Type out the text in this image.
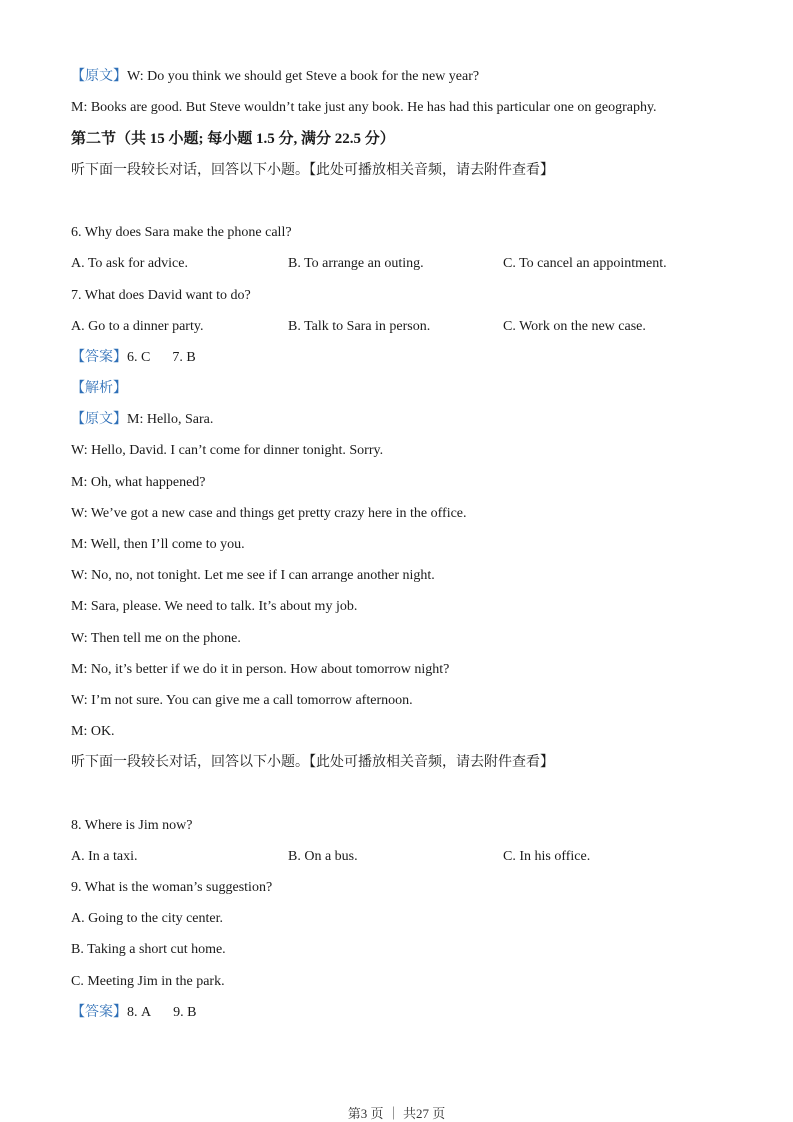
【原文】W: Do you think we should get Steve a book for the new year?
M: Books are good. But Steve wouldn’t take just any book. He has had this particular one on geography.
第二节（共 15 小题; 每小题 1.5 分, 满分 22.5 分）
听下面一段较长对话，回答以下小题。【此处可播放相关音频，请去附件查看】
6. Why does Sara make the phone call?
A. To ask for advice.	B. To arrange an outing.	C. To cancel an appointment.
7. What does David want to do?
A. Go to a dinner party.	B. Talk to Sara in person.	C. Work on the new case.
【答案】6. C 7. B
【解析】
【原文】M: Hello, Sara.
W: Hello, David. I can’t come for dinner tonight. Sorry.
M: Oh, what happened?
W: We’ve got a new case and things get pretty crazy here in the office.
M: Well, then I’ll come to you.
W: No, no, not tonight. Let me see if I can arrange another night.
M: Sara, please. We need to talk. It’s about my job.
W: Then tell me on the phone.
M: No, it’s better if we do it in person. How about tomorrow night?
W: I’m not sure. You can give me a call tomorrow afternoon.
M: OK.
听下面一段较长对话，回答以下小题。【此处可播放相关音频，请去附件查看】
8. Where is Jim now?
A. In a taxi.	B. On a bus.	C. In his office.
9. What is the woman’s suggestion?
A. Going to the city center.
B. Taking a short cut home.
C. Meeting Jim in the park.
【答案】8. A 9. B
第3 页 ｜ 共27 页
